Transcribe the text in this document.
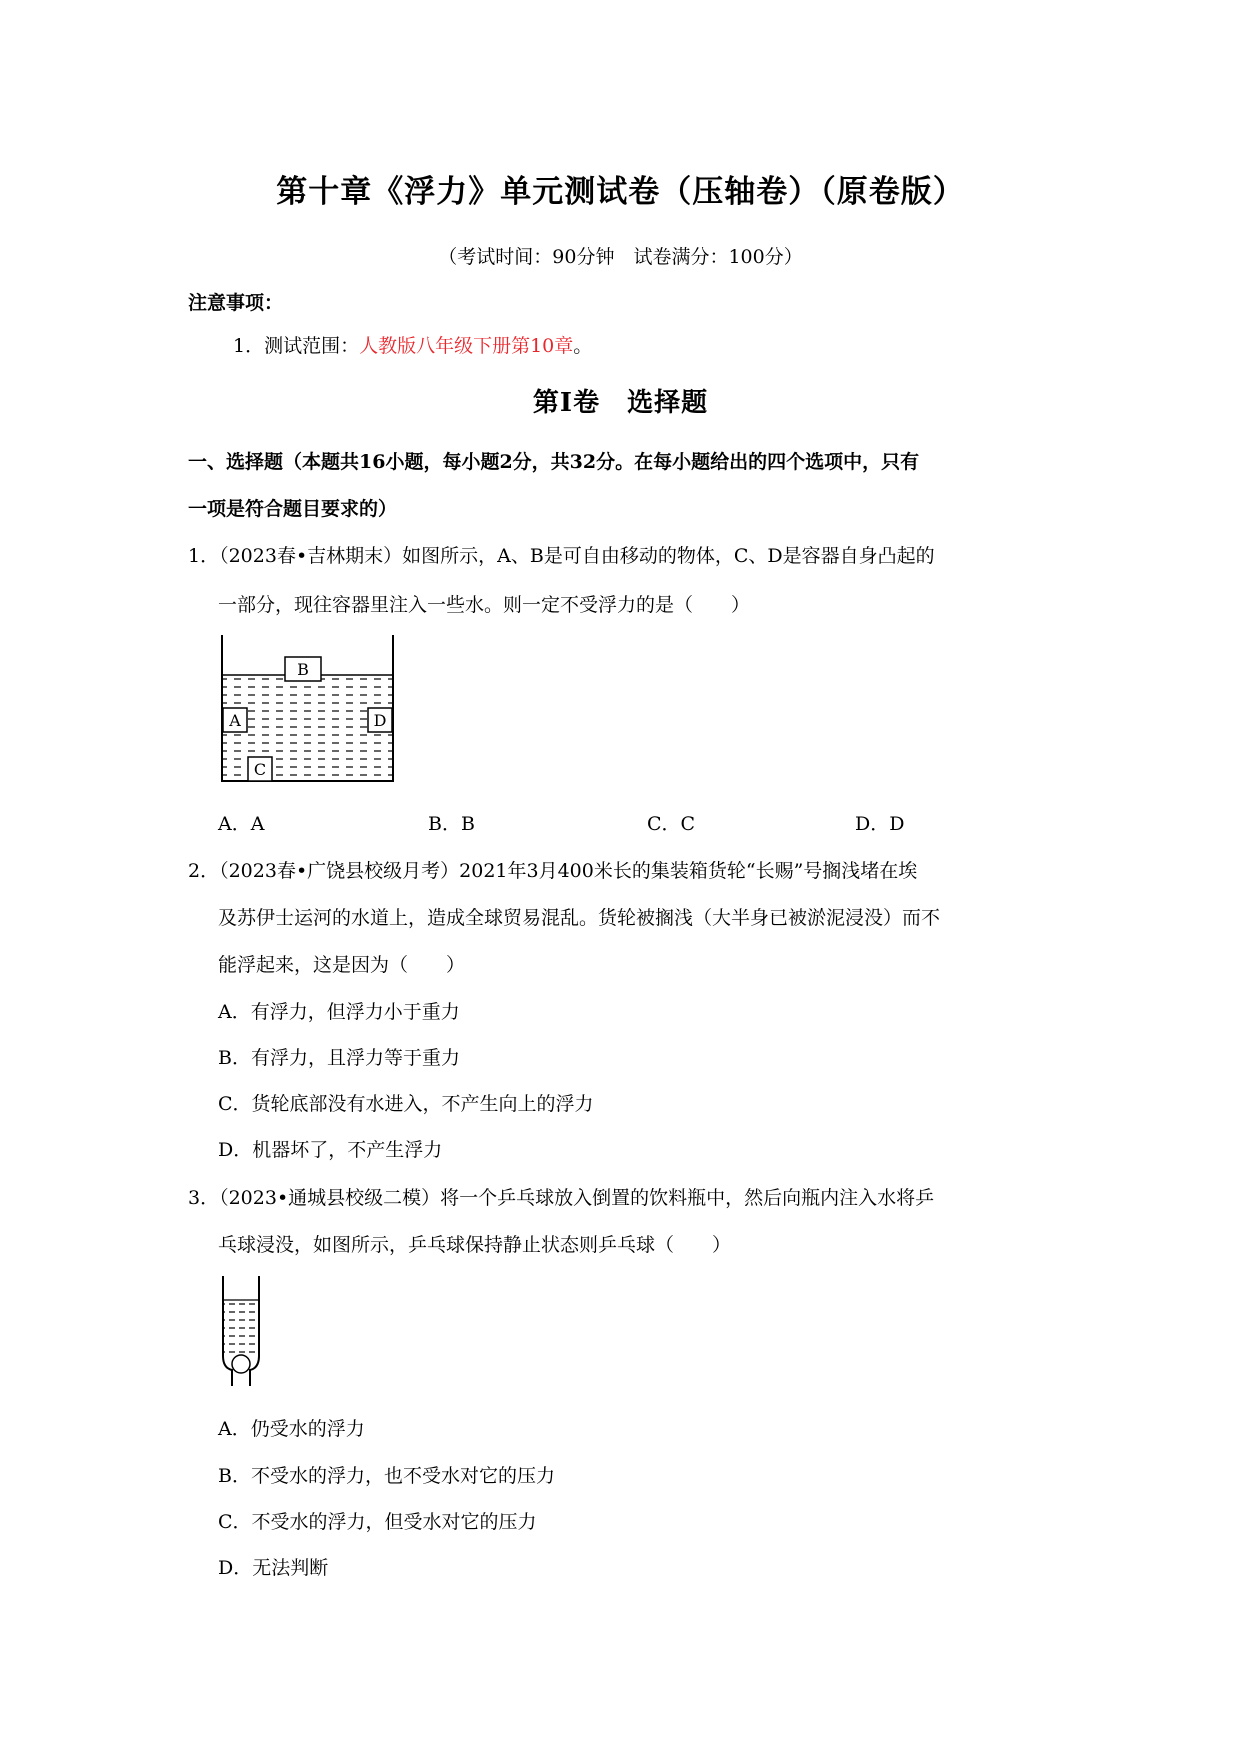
第十章《浮力》单元测试卷（压轴卷）（原卷版）
（考试时间：90分钟　试卷满分：100分）
注意事项：
1．测试范围：人教版八年级下册第10章。
第Ⅰ卷　选择题
一、选择题（本题共16小题，每小题2分，共32分。在每小题给出的四个选项中，只有
一项是符合题目要求的）
1．（2023春•吉林期末）如图所示，A、B是可自由移动的物体，C、D是容器自身凸起的
一部分，现往容器里注入一些水。则一定不受浮力的是（　　）
B
A	D
C
A．A	B．B	C．C	D．D
2．（2023春•广饶县校级月考）2021年3月400米长的集装箱货轮“长赐”号搁浅堵在埃
及苏伊士运河的水道上，造成全球贸易混乱。货轮被搁浅（大半身已被淤泥浸没）而不
能浮起来，这是因为（　　）
A．有浮力，但浮力小于重力
B．有浮力，且浮力等于重力
C．货轮底部没有水进入，不产生向上的浮力
D．机器坏了，不产生浮力
3．（2023•通城县校级二模）将一个乒乓球放入倒置的饮料瓶中，然后向瓶内注入水将乒
乓球浸没，如图所示，乒乓球保持静止状态则乒乓球（　　）
A．仍受水的浮力
B．不受水的浮力，也不受水对它的压力
C．不受水的浮力，但受水对它的压力
D．无法判断
